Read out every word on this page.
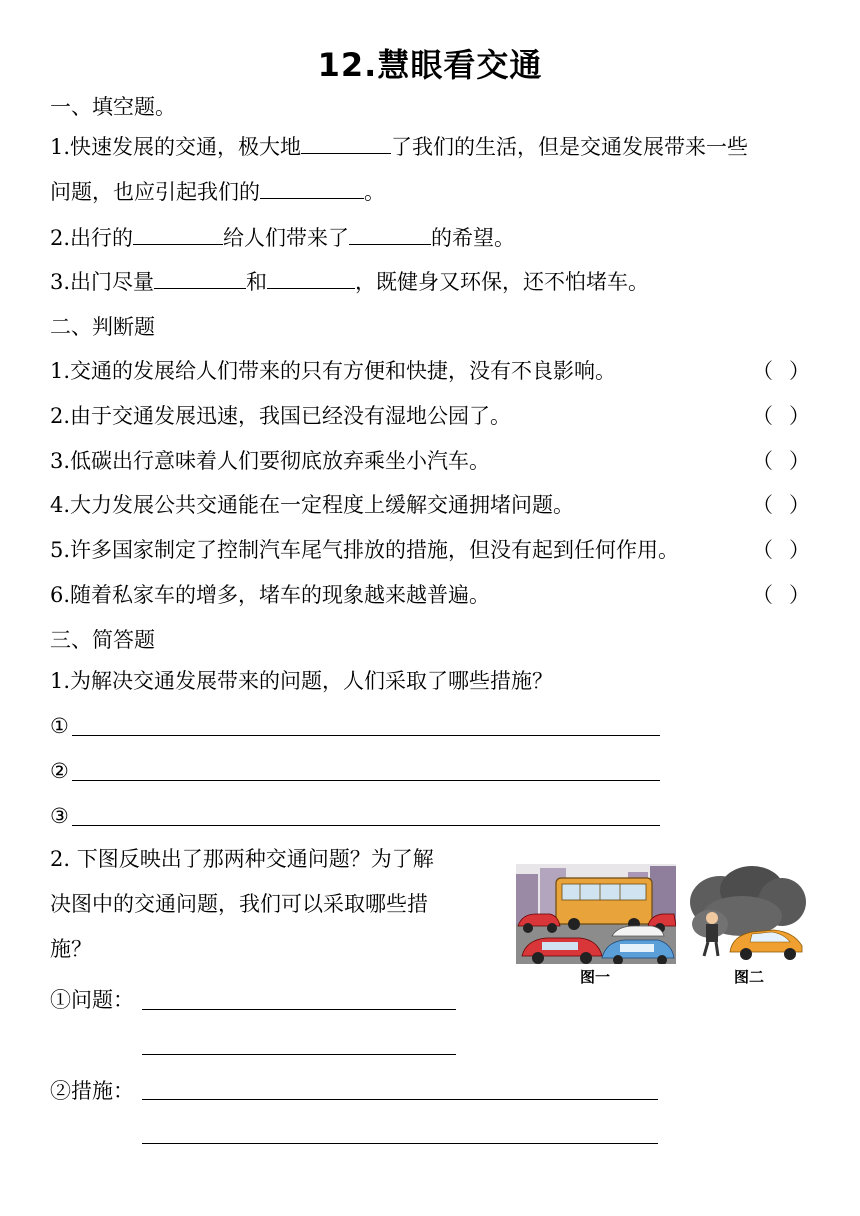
12.慧眼看交通
一、填空题。
1.快速发展的交通，极大地	了我们的生活，但是交通发展带来一些
问题，也应引起我们的	。
2.出行的	给人们带来了	的希望。
3.出门尽量	和	，既健身又环保，还不怕堵车。
二、判断题
1.交通的发展给人们带来的只有方便和快捷，没有不良影响。	（ ）
2.由于交通发展迅速，我国已经没有湿地公园了。	（ ）
3.低碳出行意味着人们要彻底放弃乘坐小汽车。	（ ）
4.大力发展公共交通能在一定程度上缓解交通拥堵问题。	（ ）
5.许多国家制定了控制汽车尾气排放的措施，但没有起到任何作用。	（ ）
6.随着私家车的增多，堵车的现象越来越普遍。	（ ）
三、简答题
1.为解决交通发展带来的问题，人们采取了哪些措施？
①
②
③
2. 下图反映出了那两种交通问题？为了解
决图中的交通问题，我们可以采取哪些措
施？
①问题：
②措施：
图一	图二
